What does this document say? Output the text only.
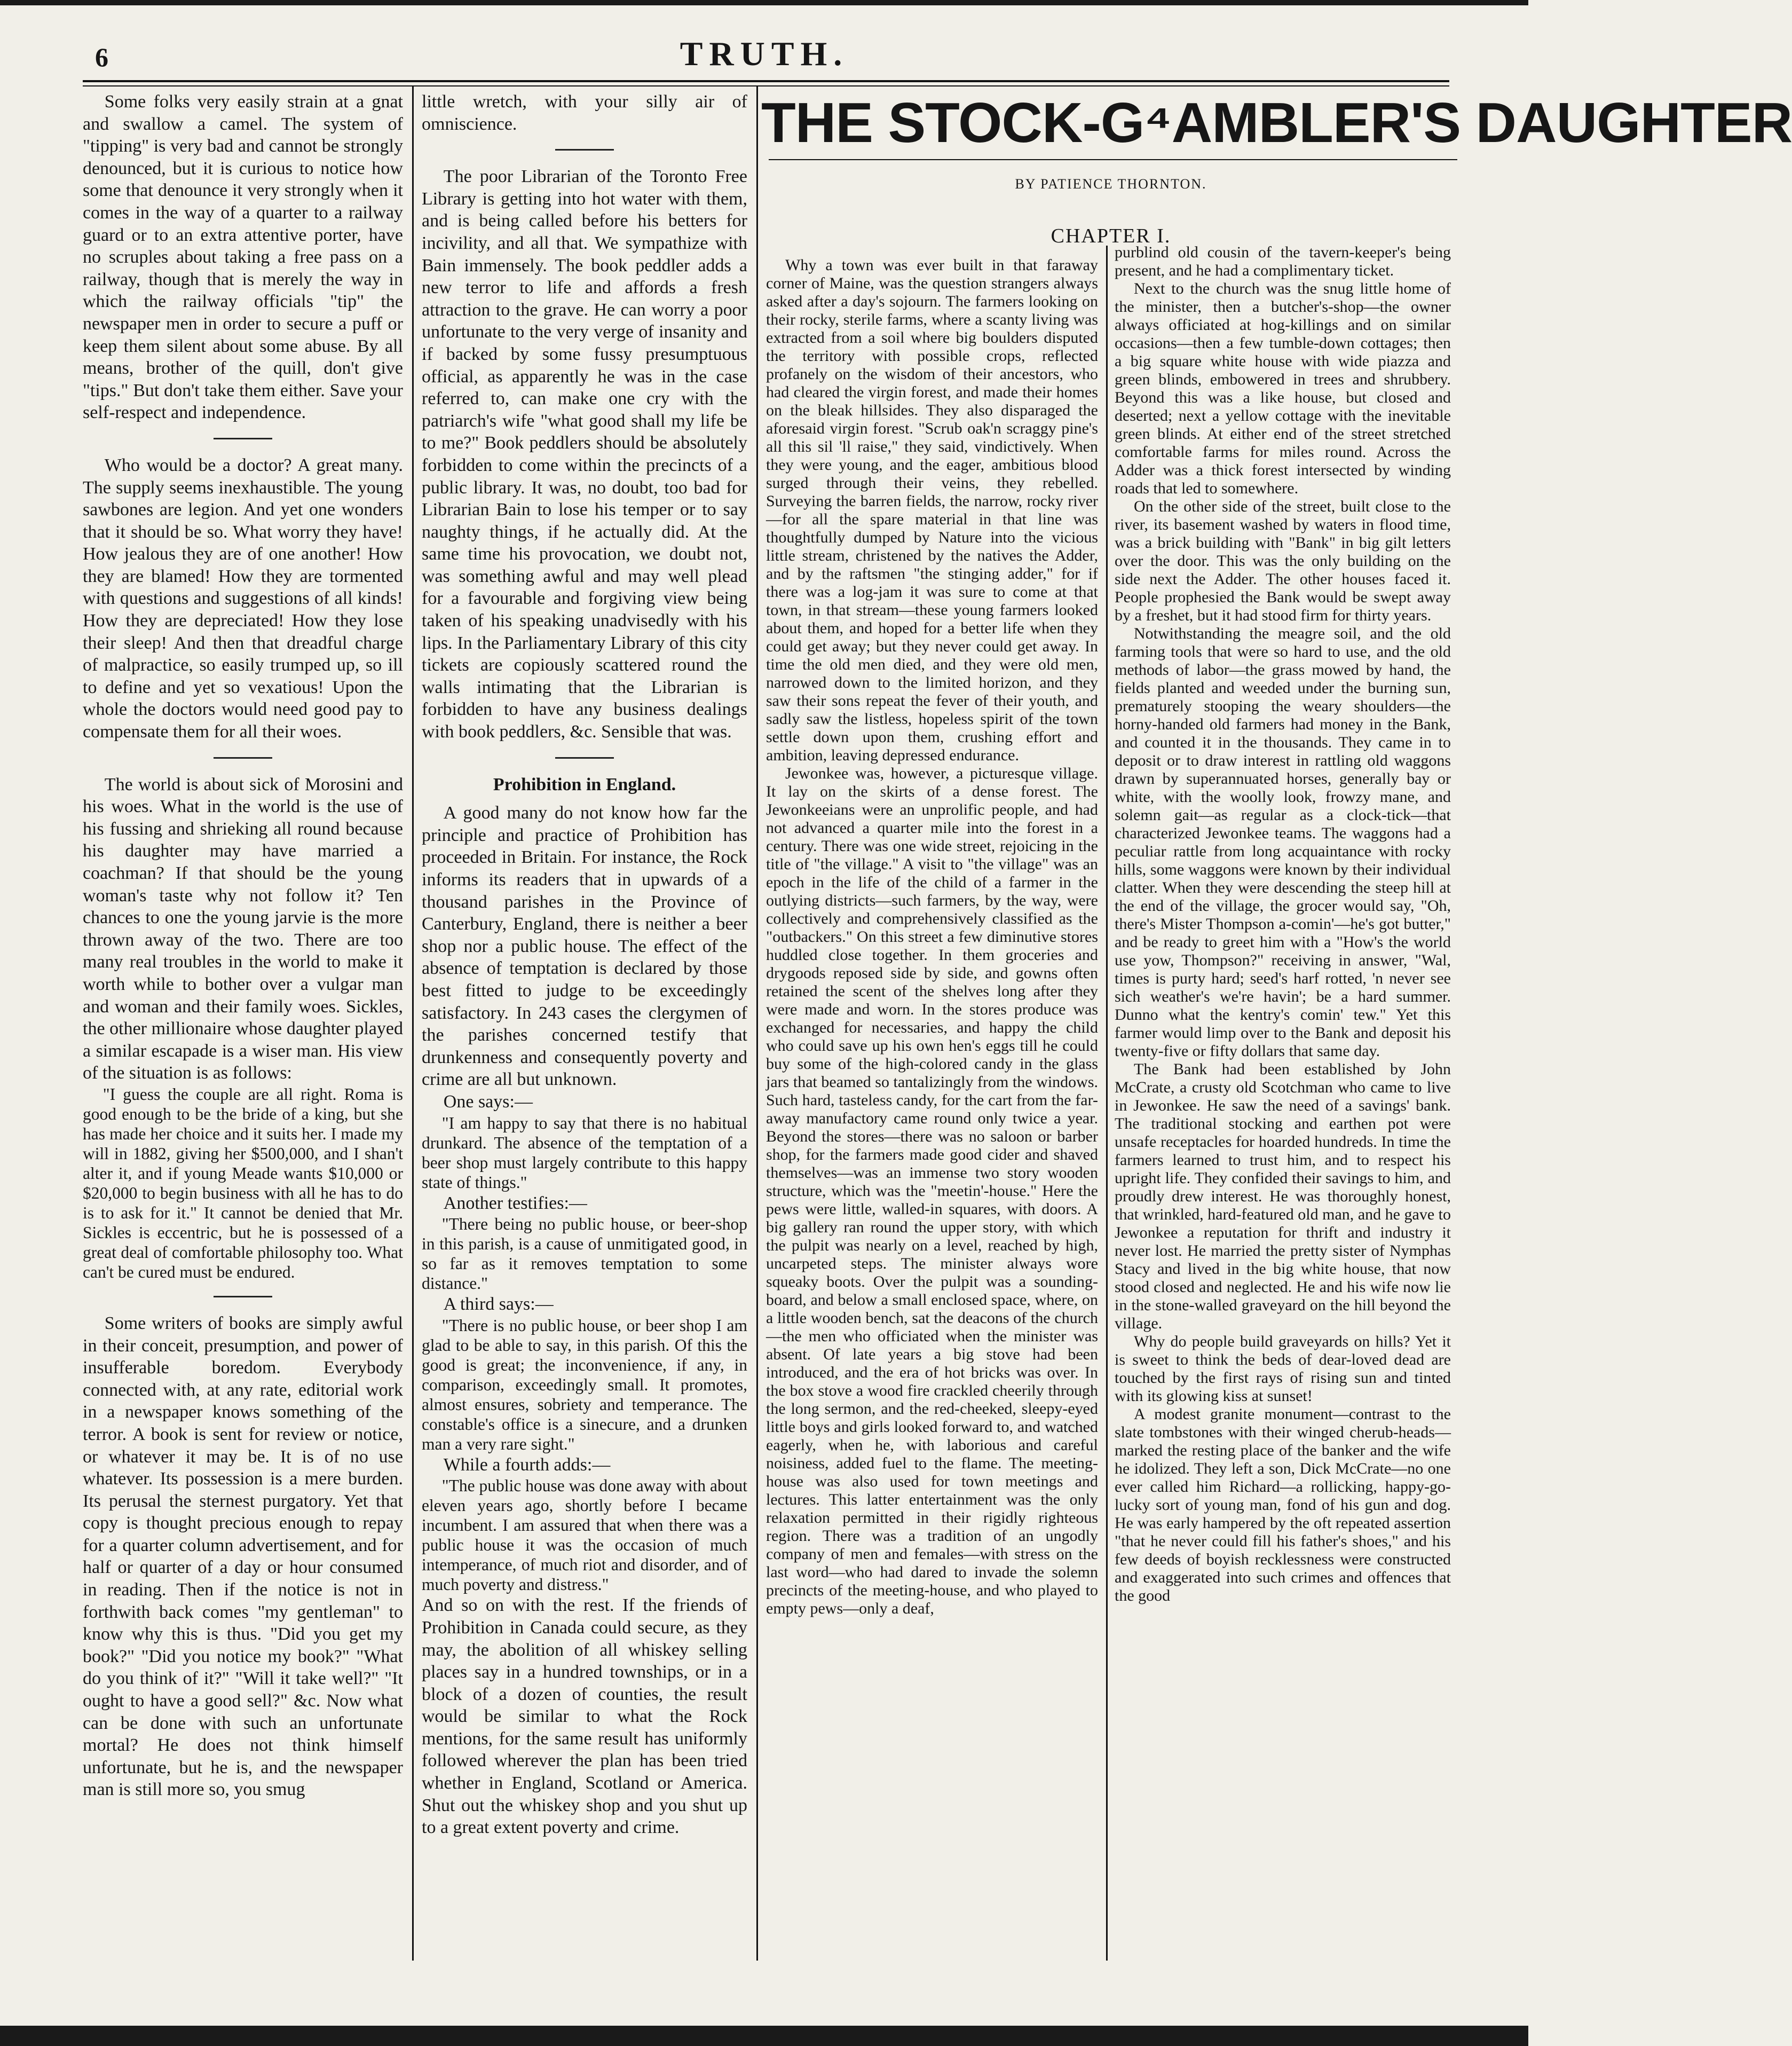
6	TRUTH.

Some folks very easily strain at a gnat and swallow a camel. The system of "tipping" is very bad and cannot be strongly denounced, but it is curious to notice how some that denounce it very strongly when it comes in the way of a quarter to a railway guard or to an extra attentive porter, have no scruples about taking a free pass on a railway, though that is merely the way in which the railway officials "tip" the newspaper men in order to secure a puff or keep them silent about some abuse. By all means, brother of the quill, don't give "tips." But don't take them either. Save your self-respect and independence.

Who would be a doctor? A great many. The supply seems inexhaustible. The young sawbones are legion. And yet one wonders that it should be so. What worry they have! How jealous they are of one another! How they are blamed! How they are tormented with questions and suggestions of all kinds! How they are depreciated! How they lose their sleep! And then that dreadful charge of malpractice, so easily trumped up, so ill to define and yet so vexatious! Upon the whole the doctors would need good pay to compensate them for all their woes.

The world is about sick of Morosini and his woes. What in the world is the use of his fussing and shrieking all round because his daughter may have married a coachman? If that should be the young woman's taste why not follow it? Ten chances to one the young jarvie is the more thrown away of the two. There are too many real troubles in the world to make it worth while to bother over a vulgar man and woman and their family woes. Sickles, the other millionaire whose daughter played a similar escapade is a wiser man. His view of the situation is as follows:

"I guess the couple are all right. Roma is good enough to be the bride of a king, but she has made her choice and it suits her. I made my will in 1882, giving her $500,000, and I shan't alter it, and if young Meade wants $10,000 or $20,000 to begin business with all he has to do is to ask for it." It cannot be denied that Mr. Sickles is eccentric, but he is possessed of a great deal of comfortable philosophy too. What can't be cured must be endured.

Some writers of books are simply awful in their conceit, presumption, and power of insufferable boredom. Everybody connected with, at any rate, editorial work in a newspaper knows something of the terror. A book is sent for review or notice, or whatever it may be. It is of no use whatever. Its possession is a mere burden. Its perusal the sternest purgatory. Yet that copy is thought precious enough to repay for a quarter column advertisement, and for half or quarter of a day or hour consumed in reading. Then if the notice is not in forthwith back comes "my gentleman" to know why this is thus. "Did you get my book?" "Did you notice my book?" "What do you think of it?" "Will it take well?" "It ought to have a good sell?" &c. Now what can be done with such an unfortunate mortal? He does not think himself unfortunate, but he is, and the newspaper man is still more so, you smug

little wretch, with your silly air of omniscience.

The poor Librarian of the Toronto Free Library is getting into hot water with them, and is being called before his betters for incivility, and all that. We sympathize with Bain immensely. The book peddler adds a new terror to life and affords a fresh attraction to the grave. He can worry a poor unfortunate to the very verge of insanity and if backed by some fussy presumptuous official, as apparently he was in the case referred to, can make one cry with the patriarch's wife "what good shall my life be to me?" Book peddlers should be absolutely forbidden to come within the precincts of a public library. It was, no doubt, too bad for Librarian Bain to lose his temper or to say naughty things, if he actually did. At the same time his provocation, we doubt not, was something awful and may well plead for a favourable and forgiving view being taken of his speaking unadvisedly with his lips. In the Parliamentary Library of this city tickets are copiously scattered round the walls intimating that the Librarian is forbidden to have any business dealings with book peddlers, &c. Sensible that was.

Prohibition in England.

A good many do not know how far the principle and practice of Prohibition has proceeded in Britain. For instance, the Rock informs its readers that in upwards of a thousand parishes in the Province of Canterbury, England, there is neither a beer shop nor a public house. The effect of the absence of temptation is declared by those best fitted to judge to be exceedingly satisfactory. In 243 cases the clergymen of the parishes concerned testify that drunkenness and consequently poverty and crime are all but unknown.

One says:—

"I am happy to say that there is no habitual drunkard. The absence of the temptation of a beer shop must largely contribute to this happy state of things."

Another testifies:—

"There being no public house, or beer-shop in this parish, is a cause of unmitigated good, in so far as it removes temptation to some distance."

A third says:—

"There is no public house, or beer shop I am glad to be able to say, in this parish. Of this the good is great; the inconvenience, if any, in comparison, exceedingly small. It promotes, almost ensures, sobriety and temperance. The constable's office is a sinecure, and a drunken man a very rare sight."

While a fourth adds:—

"The public house was done away with about eleven years ago, shortly before I became incumbent. I am assured that when there was a public house it was the occasion of much intemperance, of much riot and disorder, and of much poverty and distress."

And so on with the rest. If the friends of Prohibition in Canada could secure, as they may, the abolition of all whiskey selling places say in a hundred townships, or in a block of a dozen of counties, the result would be similar to what the Rock mentions, for the same result has uniformly followed wherever the plan has been tried whether in England, Scotland or America. Shut out the whiskey shop and you shut up to a great extent poverty and crime.

THE STOCK-G⁴AMBLER'S DAUGHTER
BY PATIENCE THORNTON.
CHAPTER I.

Why a town was ever built in that faraway corner of Maine, was the question strangers always asked after a day's sojourn. The farmers looking on their rocky, sterile farms, where a scanty living was extracted from a soil where big boulders disputed the territory with possible crops, reflected profanely on the wisdom of their ancestors, who had cleared the virgin forest, and made their homes on the bleak hillsides. They also disparaged the aforesaid virgin forest. "Scrub oak'n scraggy pine's all this sil 'll raise," they said, vindictively. When they were young, and the eager, ambitious blood surged through their veins, they rebelled. Surveying the barren fields, the narrow, rocky river—for all the spare material in that line was thoughtfully dumped by Nature into the vicious little stream, christened by the natives the Adder, and by the raftsmen "the stinging adder," for if there was a log-jam it was sure to come at that town, in that stream—these young farmers looked about them, and hoped for a better life when they could get away; but they never could get away. In time the old men died, and they were old men, narrowed down to the limited horizon, and they saw their sons repeat the fever of their youth, and sadly saw the listless, hopeless spirit of the town settle down upon them, crushing effort and ambition, leaving depressed endurance.

Jewonkee was, however, a picturesque village. It lay on the skirts of a dense forest. The Jewonkeeians were an unprolific people, and had not advanced a quarter mile into the forest in a century. There was one wide street, rejoicing in the title of "the village." A visit to "the village" was an epoch in the life of the child of a farmer in the outlying districts—such farmers, by the way, were collectively and comprehensively classified as the "outbackers." On this street a few diminutive stores huddled close together. In them groceries and drygoods reposed side by side, and gowns often retained the scent of the shelves long after they were made and worn. In the stores produce was exchanged for necessaries, and happy the child who could save up his own hen's eggs till he could buy some of the high-colored candy in the glass jars that beamed so tantalizingly from the windows. Such hard, tasteless candy, for the cart from the far-away manufactory came round only twice a year. Beyond the stores—there was no saloon or barber shop, for the farmers made good cider and shaved themselves—was an immense two story wooden structure, which was the "meetin'-house." Here the pews were little, walled-in squares, with doors. A big gallery ran round the upper story, with which the pulpit was nearly on a level, reached by high, uncarpeted steps. The minister always wore squeaky boots. Over the pulpit was a sounding-board, and below a small enclosed space, where, on a little wooden bench, sat the deacons of the church—the men who officiated when the minister was absent. Of late years a big stove had been introduced, and the era of hot bricks was over. In the box stove a wood fire crackled cheerily through the long sermon, and the red-cheeked, sleepy-eyed little boys and girls looked forward to, and watched eagerly, when he, with laborious and careful noisiness, added fuel to the flame. The meeting-house was also used for town meetings and lectures. This latter entertainment was the only relaxation permitted in their rigidly righteous region. There was a tradition of an ungodly company of men and females—with stress on the last word—who had dared to invade the solemn precincts of the meeting-house, and who played to empty pews—only a deaf,

purblind old cousin of the tavern-keeper's being present, and he had a complimentary ticket.

Next to the church was the snug little home of the minister, then a butcher's-shop—the owner always officiated at hog-killings and on similar occasions—then a few tumble-down cottages; then a big square white house with wide piazza and green blinds, embowered in trees and shrubbery. Beyond this was a like house, but closed and deserted; next a yellow cottage with the inevitable green blinds. At either end of the street stretched comfortable farms for miles round. Across the Adder was a thick forest intersected by winding roads that led to somewhere.

On the other side of the street, built close to the river, its basement washed by waters in flood time, was a brick building with "Bank" in big gilt letters over the door. This was the only building on the side next the Adder. The other houses faced it. People prophesied the Bank would be swept away by a freshet, but it had stood firm for thirty years.

Notwithstanding the meagre soil, and the old farming tools that were so hard to use, and the old methods of labor—the grass mowed by hand, the fields planted and weeded under the burning sun, prematurely stooping the weary shoulders—the horny-handed old farmers had money in the Bank, and counted it in the thousands. They came in to deposit or to draw interest in rattling old waggons drawn by superannuated horses, generally bay or white, with the woolly look, frowzy mane, and solemn gait—as regular as a clock-tick—that characterized Jewonkee teams. The waggons had a peculiar rattle from long acquaintance with rocky hills, some waggons were known by their individual clatter. When they were descending the steep hill at the end of the village, the grocer would say, "Oh, there's Mister Thompson a-comin'—he's got butter," and be ready to greet him with a "How's the world use yow, Thompson?" receiving in answer, "Wal, times is purty hard; seed's harf rotted, 'n never see sich weather's we're havin'; be a hard summer. Dunno what the kentry's comin' tew." Yet this farmer would limp over to the Bank and deposit his twenty-five or fifty dollars that same day.

The Bank had been established by John McCrate, a crusty old Scotchman who came to live in Jewonkee. He saw the need of a savings' bank. The traditional stocking and earthen pot were unsafe receptacles for hoarded hundreds. In time the farmers learned to trust him, and to respect his upright life. They confided their savings to him, and proudly drew interest. He was thoroughly honest, that wrinkled, hard-featured old man, and he gave to Jewonkee a reputation for thrift and industry it never lost. He married the pretty sister of Nymphas Stacy and lived in the big white house, that now stood closed and neglected. He and his wife now lie in the stone-walled graveyard on the hill beyond the village.

Why do people build graveyards on hills? Yet it is sweet to think the beds of dear-loved dead are touched by the first rays of rising sun and tinted with its glowing kiss at sunset!

A modest granite monument—contrast to the slate tombstones with their winged cherub-heads—marked the resting place of the banker and the wife he idolized. They left a son, Dick McCrate—no one ever called him Richard—a rollicking, happy-go-lucky sort of young man, fond of his gun and dog. He was early hampered by the oft repeated assertion "that he never could fill his father's shoes," and his few deeds of boyish recklessness were constructed and exaggerated into such crimes and offences that the good
